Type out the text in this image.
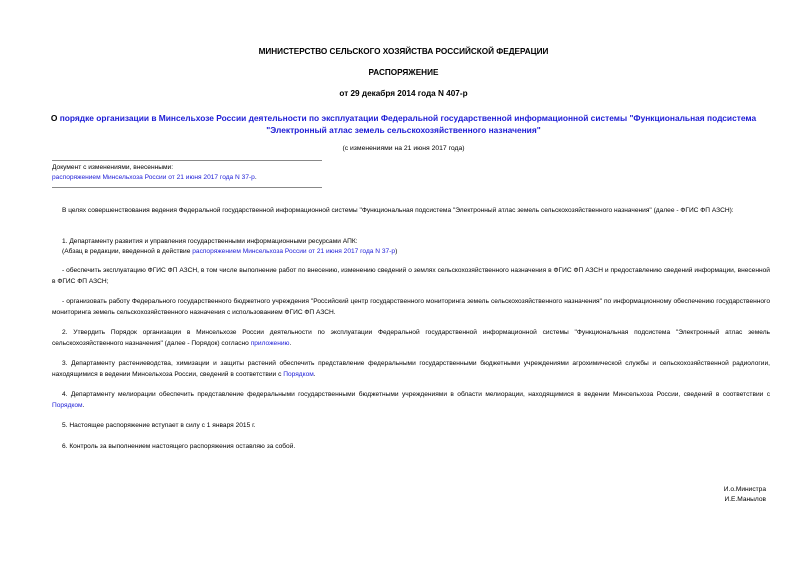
МИНИСТЕРСТВО СЕЛЬСКОГО ХОЗЯЙСТВА РОССИЙСКОЙ ФЕДЕРАЦИИ
РАСПОРЯЖЕНИЕ
от 29 декабря 2014 года N 407-р
О порядке организации в Минсельхозе России деятельности по эксплуатации Федеральной государственной информационной системы "Функциональная подсистема "Электронный атлас земель сельскохозяйственного назначения"
(с изменениями на 21 июня 2017 года)
Документ с изменениями, внесенными:
распоряжением Минсельхоза России от 21 июня 2017 года N 37-р.
В целях совершенствования ведения Федеральной государственной информационной системы "Функциональная подсистема "Электронный атлас земель сельскохозяйственного назначения" (далее - ФГИС ФП АЗСН):
1. Департаменту развития и управления государственными информационными ресурсами АПК:
(Абзац в редакции, введенной в действие распоряжением Минсельхоза России от 21 июня 2017 года N 37-р)
- обеспечить эксплуатацию ФГИС ФП АЗСН, в том числе выполнение работ по внесению, изменению сведений о землях сельскохозяйственного назначения в ФГИС ФП АЗСН и предоставлению сведений информации, внесенной в ФГИС ФП АЗСН;
- организовать работу Федерального государственного бюджетного учреждения "Российский центр государственного мониторинга земель сельскохозяйственного назначения" по информационному обеспечению государственного мониторинга земель сельскохозяйственного назначения с использованием ФГИС ФП АЗСН.
2. Утвердить Порядок организации в Минсельхозе России деятельности по эксплуатации Федеральной государственной информационной системы "Функциональная подсистема "Электронный атлас земель сельскохозяйственного назначения" (далее - Порядок) согласно приложению.
3. Департаменту растениеводства, химизации и защиты растений обеспечить представление федеральными государственными бюджетными учреждениями агрохимической службы и сельскохозяйственной радиологии, находящимися в ведении Минсельхоза России, сведений в соответствии с Порядком.
4. Департаменту мелиорации обеспечить представление федеральными государственными бюджетными учреждениями в области мелиорации, находящимися в ведении Минсельхоза России, сведений в соответствии с Порядком.
5. Настоящее распоряжение вступает в силу с 1 января 2015 г.
6. Контроль за выполнением настоящего распоряжения оставляю за собой.
И.о.Министра
И.Е.Манылов
